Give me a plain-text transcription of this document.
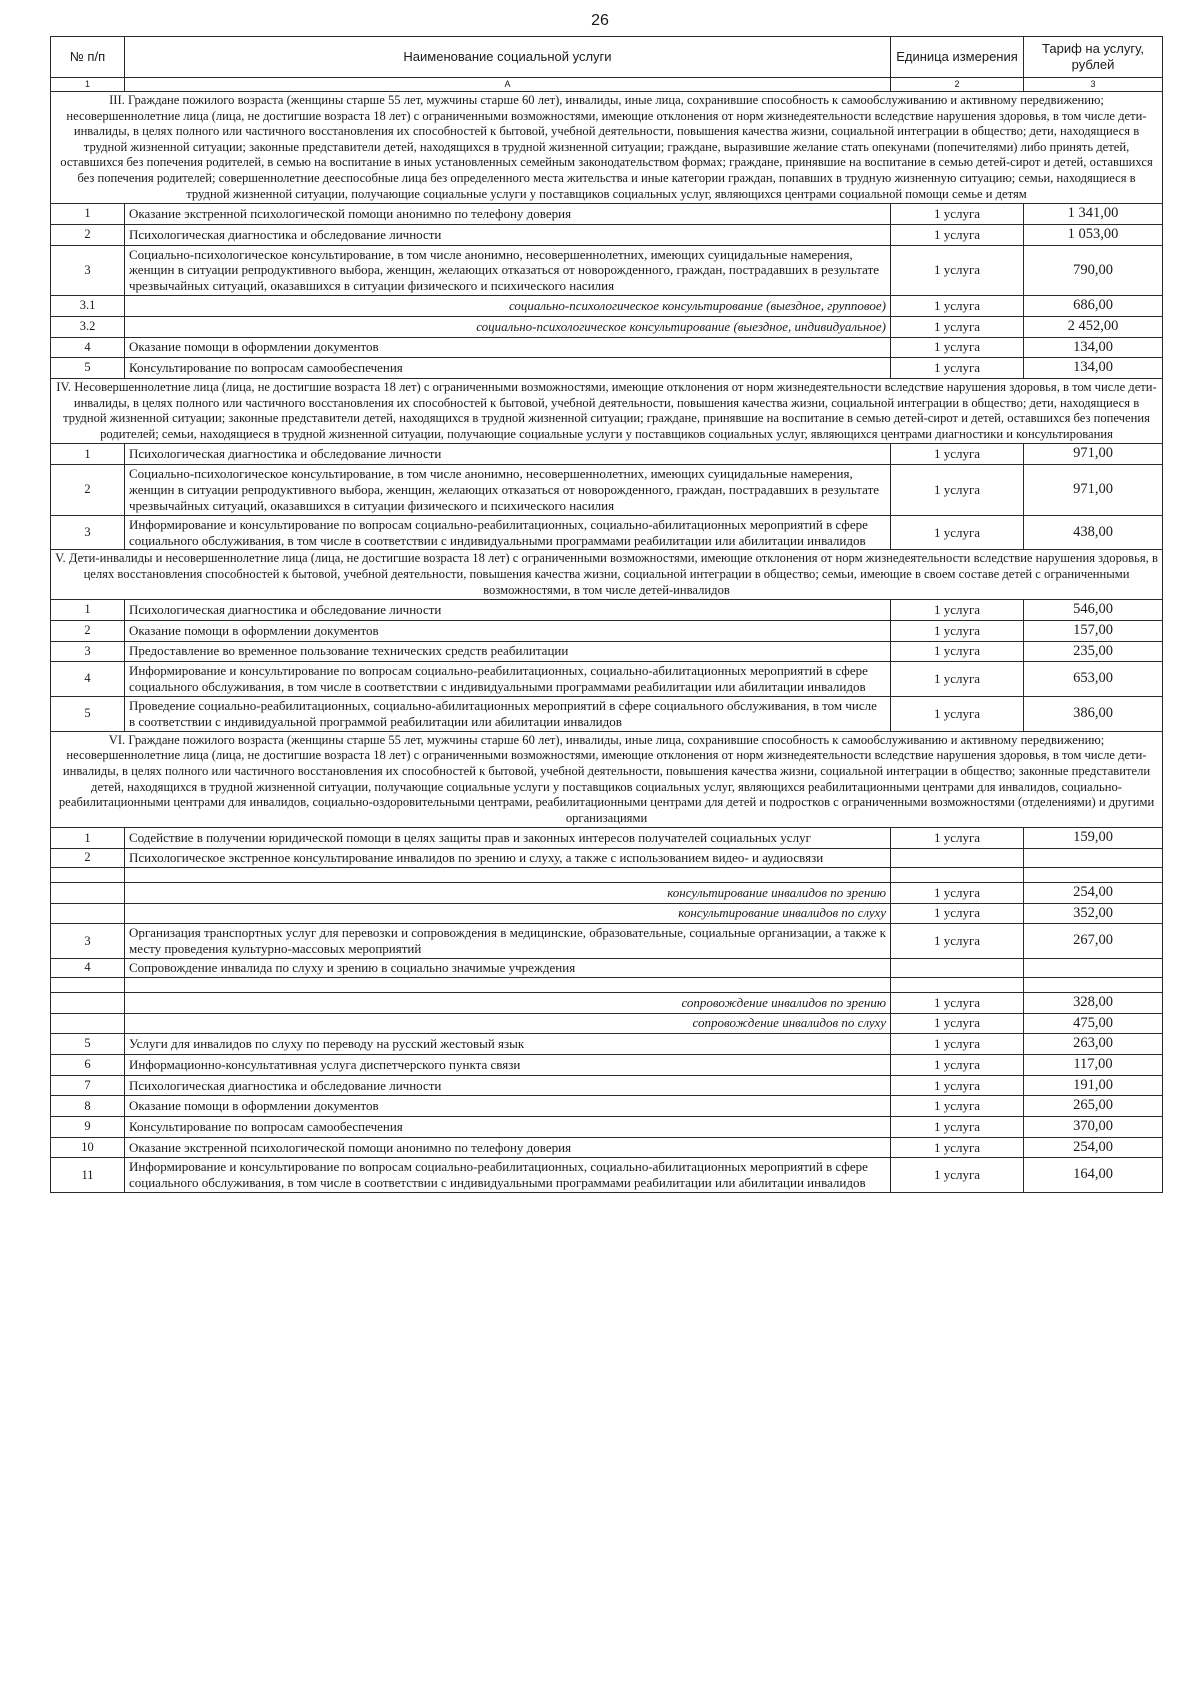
26
№ п/п	Наименование социальной услуги	Единица измерения	Тариф на услугу, рублей
1	А	2	3
III. Граждане пожилого возраста (женщины старше 55 лет, мужчины старше 60 лет), инвалиды, иные лица, сохранившие способность к самообслуживанию и активному передвижению; несовершеннолетние лица (лица, не достигшие возраста 18 лет) с ограниченными возможностями, имеющие отклонения от норм жизнедеятельности вследствие нарушения здоровья, в том числе дети-инвалиды, в целях полного или частичного восстановления их способностей к бытовой, учебной деятельности, повышения качества жизни, социальной интеграции в общество; дети, находящиеся в трудной жизненной ситуации; законные представители детей, находящихся в трудной жизненной ситуации; граждане, выразившие желание стать опекунами (попечителями) либо принять детей, оставшихся без попечения родителей, в семью на воспитание в иных установленных семейным законодательством формах; граждане, принявшие на воспитание в семью детей-сирот и детей, оставшихся без попечения родителей; совершеннолетние дееспособные лица без определенного места жительства и иные категории граждан, попавших в трудную жизненную ситуацию; семьи, находящиеся в трудной жизненной ситуации, получающие социальные услуги у поставщиков социальных услуг, являющихся центрами социальной помощи семье и детям			
1	Оказание экстренной психологической помощи анонимно по телефону доверия	1 услуга	1 341,00
2	Психологическая диагностика и обследование личности	1 услуга	1 053,00
3	Социально-психологическое консультирование, в том числе анонимно, несовершеннолетних, имеющих суицидальные намерения, женщин в ситуации репродуктивного выбора, женщин, желающих отказаться от новорожденного, граждан, пострадавших в результате чрезвычайных ситуаций, оказавшихся в ситуации физического и психического насилия	1 услуга	790,00
3.1	социально-психологическое консультирование (выездное, групповое)	1 услуга	686,00
3.2	социально-психологическое консультирование (выездное, индивидуальное)	1 услуга	2 452,00
4	Оказание помощи в оформлении документов	1 услуга	134,00
5	Консультирование по вопросам самообеспечения	1 услуга	134,00
IV. Несовершеннолетние лица (лица, не достигшие возраста 18 лет) с ограниченными возможностями, имеющие отклонения от норм жизнедеятельности вследствие нарушения здоровья, в том числе дети-инвалиды, в целях полного или частичного восстановления их способностей к бытовой, учебной деятельности, повышения качества жизни, социальной интеграции в общество; дети, находящиеся в трудной жизненной ситуации; законные представители детей, находящихся в трудной жизненной ситуации; граждане, принявшие на воспитание в семью детей-сирот и детей, оставшихся без попечения родителей; семьи, находящиеся в трудной жизненной ситуации, получающие социальные услуги у поставщиков социальных услуг, являющихся центрами диагностики и консультирования			
1	Психологическая диагностика и обследование личности	1 услуга	971,00
2	Социально-психологическое консультирование, в том числе анонимно, несовершеннолетних, имеющих суицидальные намерения, женщин в ситуации репродуктивного выбора, женщин, желающих отказаться от новорожденного, граждан, пострадавших в результате чрезвычайных ситуаций, оказавшихся в ситуации физического и психического насилия	1 услуга	971,00
3	Информирование и консультирование по вопросам социально-реабилитационных, социально-абилитационных мероприятий в сфере социального обслуживания, в том числе в соответствии с индивидуальными программами реабилитации или абилитации инвалидов	1 услуга	438,00
V. Дети-инвалиды и несовершеннолетние лица (лица, не достигшие возраста 18 лет) с ограниченными возможностями, имеющие отклонения от норм жизнедеятельности вследствие нарушения здоровья, в целях восстановления способностей к бытовой, учебной деятельности, повышения качества жизни, социальной интеграции в общество; семьи, имеющие в своем составе детей с ограниченными возможностями, в том числе детей-инвалидов			
1	Психологическая диагностика и обследование личности	1 услуга	546,00
2	Оказание помощи в оформлении документов	1 услуга	157,00
3	Предоставление во временное пользование технических средств реабилитации	1 услуга	235,00
4	Информирование и консультирование по вопросам социально-реабилитационных, социально-абилитационных мероприятий в сфере социального обслуживания, в том числе в соответствии с индивидуальными программами реабилитации или абилитации инвалидов	1 услуга	653,00
5	Проведение социально-реабилитационных, социально-абилитационных мероприятий в сфере социального обслуживания, в том числе в соответствии с индивидуальной программой реабилитации или абилитации инвалидов	1 услуга	386,00
VI. Граждане пожилого возраста (женщины старше 55 лет, мужчины старше 60 лет), инвалиды, иные лица, сохранившие способность к самообслуживанию и активному передвижению; несовершеннолетние лица (лица, не достигшие возраста 18 лет) с ограниченными возможностями, имеющие отклонения от норм жизнедеятельности вследствие нарушения здоровья, в том числе дети-инвалиды, в целях полного или частичного восстановления их способностей к бытовой, учебной деятельности, повышения качества жизни, социальной интеграции в общество; законные представители детей, находящихся в трудной жизненной ситуации, получающие социальные услуги у поставщиков социальных услуг, являющихся реабилитационными центрами для инвалидов, социально-реабилитационными центрами для инвалидов, социально-оздоровительными центрами, реабилитационными центрами для детей и подростков с ограниченными возможностями (отделениями) и другими организациями			
1	Содействие в получении юридической помощи в целях защиты прав и законных интересов получателей социальных услуг	1 услуга	159,00
2	Психологическое экстренное консультирование инвалидов по зрению и слуху, а также с использованием видео- и аудиосвязи		

	консультирование инвалидов по зрению	1 услуга	254,00
	консультирование инвалидов по слуху	1 услуга	352,00
3	Организация транспортных услуг для перевозки и сопровождения в медицинские, образовательные, социальные организации, а также к месту проведения культурно-массовых мероприятий	1 услуга	267,00
4	Сопровождение инвалида по слуху и зрению в социально значимые учреждения		

	сопровождение инвалидов по зрению	1 услуга	328,00
	сопровождение инвалидов по слуху	1 услуга	475,00
5	Услуги для инвалидов по слуху по переводу на русский жестовый язык	1 услуга	263,00
6	Информационно-консультативная услуга диспетчерского пункта связи	1 услуга	117,00
7	Психологическая диагностика и обследование личности	1 услуга	191,00
8	Оказание помощи в оформлении документов	1 услуга	265,00
9	Консультирование по вопросам самообеспечения	1 услуга	370,00
10	Оказание экстренной психологической помощи анонимно по телефону доверия	1 услуга	254,00
11	Информирование и консультирование по вопросам социально-реабилитационных, социально-абилитационных мероприятий в сфере социального обслуживания, в том числе в соответствии с индивидуальными программами реабилитации или абилитации инвалидов	1 услуга	164,00
